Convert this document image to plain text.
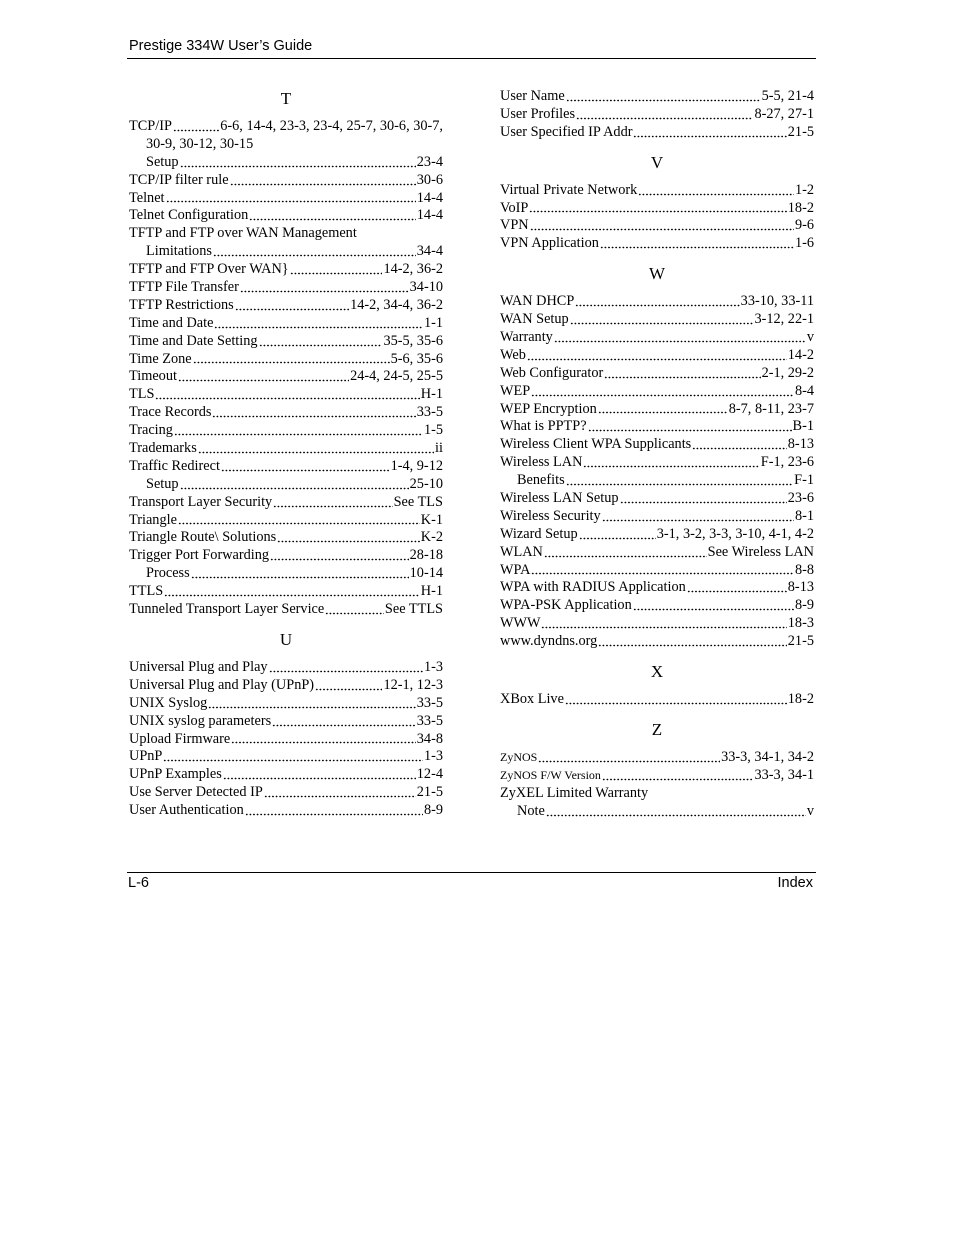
Prestige 334W User’s Guide
T
TCP/IP	6-6, 14-4, 23-3, 23-4, 25-7, 30-6, 30-7,
30-9, 30-12, 30-15
Setup	23-4
TCP/IP filter rule	30-6
Telnet	14-4
Telnet Configuration	14-4
TFTP and FTP over WAN Management
Limitations	34-4
TFTP and FTP Over WAN}	14-2, 36-2
TFTP File Transfer	34-10
TFTP Restrictions	14-2, 34-4, 36-2
Time and Date	1-1
Time and Date Setting	35-5, 35-6
Time Zone	5-6, 35-6
Timeout	24-4, 24-5, 25-5
TLS	H-1
Trace Records	33-5
Tracing	1-5
Trademarks	ii
Traffic Redirect	1-4, 9-12
Setup	25-10
Transport Layer Security	See TLS
Triangle	K-1
Triangle Route\ Solutions	K-2
Trigger Port Forwarding	28-18
Process	10-14
TTLS	H-1
Tunneled Transport Layer Service	See TTLS
U
Universal Plug and Play	1-3
Universal Plug and Play (UPnP)	12-1, 12-3
UNIX Syslog	33-5
UNIX syslog parameters	33-5
Upload Firmware	34-8
UPnP	1-3
UPnP Examples	12-4
Use Server Detected IP	21-5
User Authentication	8-9
User Name	5-5, 21-4
User Profiles	8-27, 27-1
User Specified IP Addr	21-5
V
Virtual Private Network	1-2
VoIP	18-2
VPN	9-6
VPN Application	1-6
W
WAN DHCP	33-10, 33-11
WAN Setup	3-12, 22-1
Warranty	v
Web	14-2
Web Configurator	2-1, 29-2
WEP	8-4
WEP Encryption	8-7, 8-11, 23-7
What is PPTP?	B-1
Wireless Client WPA Supplicants	8-13
Wireless LAN	F-1, 23-6
Benefits	F-1
Wireless LAN Setup	23-6
Wireless Security	8-1
Wizard Setup	3-1, 3-2, 3-3, 3-10, 4-1, 4-2
WLAN	See Wireless LAN
WPA	8-8
WPA with RADIUS Application	8-13
WPA-PSK Application	8-9
WWW	18-3
www.dyndns.org	21-5
X
XBox Live	18-2
Z
ZyNOS	33-3, 34-1, 34-2
ZyNOS F/W Version	33-3, 34-1
ZyXEL Limited Warranty
Note	v
L-6	Index
